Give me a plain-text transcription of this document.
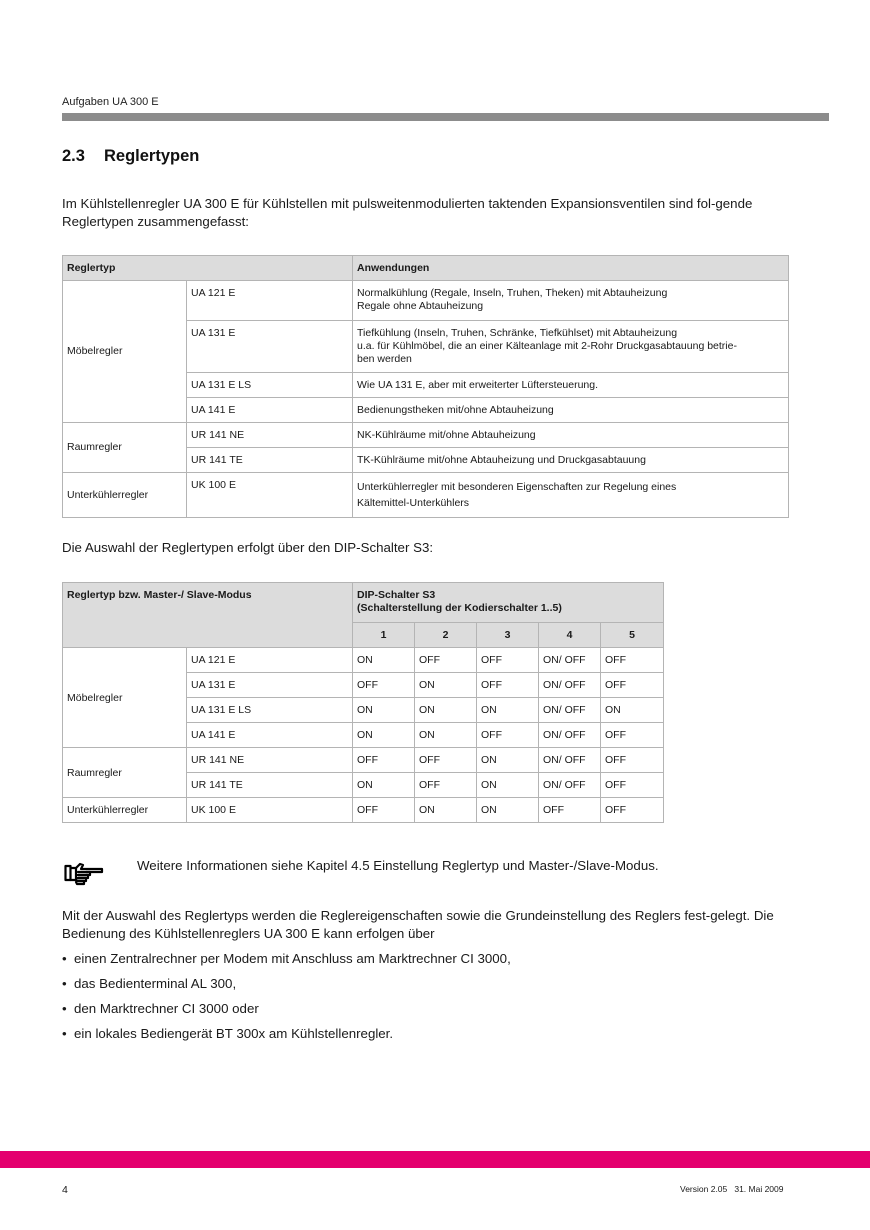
Aufgaben UA 300 E
2.3 Reglertypen
Im Kühlstellenregler UA 300 E für Kühlstellen mit pulsweitenmodulierten taktenden Expansionsventilen sind fol-gende Reglertypen zusammengefasst:
Reglertyp		Anwendungen
Möbelregler	UA 121 E	Normalkühlung (Regale, Inseln, Truhen, Theken) mit Abtauheizung
Regale ohne Abtauheizung

	UA 131 E	Tiefkühlung (Inseln, Truhen, Schränke, Tiefkühlset) mit Abtauheizung
u.a. für Kühlmöbel, die an einer Kälteanlage mit 2-Rohr Druckgasabtauung betrie-
ben werden

	UA 131 E LS	Wie UA 131 E, aber mit erweiterter Lüftersteuerung.

	UA 141 E	Bedienungstheken mit/ohne Abtauheizung

Raumregler	UR 141 NE	NK-Kühlräume mit/ohne Abtauheizung

	UR 141 TE	TK-Kühlräume mit/ohne Abtauheizung und Druckgasabtauung

Unterkühlerregler	UK 100 E	Unterkühlerregler mit besonderen Eigenschaften zur Regelung eines
Kältemittel-Unterkühlers
Die Auswahl der Reglertypen erfolgt über den DIP-Schalter S3:
Reglertyp bzw. Master-/ Slave-Modus		DIP-Schalter S3
(Schalterstellung der Kodierschalter 1..5)				

		1	2	3	4	5
Möbelregler	UA 121 E	ON	OFF	OFF	ON/ OFF	OFF
	UA 131 E	OFF	ON	OFF	ON/ OFF	OFF
	UA 131 E LS	ON	ON	ON	ON/ OFF	ON
	UA 141 E	ON	ON	OFF	ON/ OFF	OFF
Raumregler	UR 141 NE	OFF	OFF	ON	ON/ OFF	OFF
	UR 141 TE	ON	OFF	ON	ON/ OFF	OFF
Unterkühlerregler	UK 100 E	OFF	ON	ON	OFF	OFF
Weitere Informationen siehe Kapitel 4.5 Einstellung Reglertyp und Master-/Slave-Modus.
Mit der Auswahl des Reglertyps werden die Reglereigenschaften sowie die Grundeinstellung des Reglers fest-gelegt. Die Bedienung des Kühlstellenreglers UA 300 E kann erfolgen über
• einen Zentralrechner per Modem mit Anschluss am Marktrechner CI 3000,
• das Bedienterminal AL 300,
• den Marktrechner CI 3000 oder
• ein lokales Bediengerät BT 300x am Kühlstellenregler.
4	Version 2.05   31. Mai 2009
